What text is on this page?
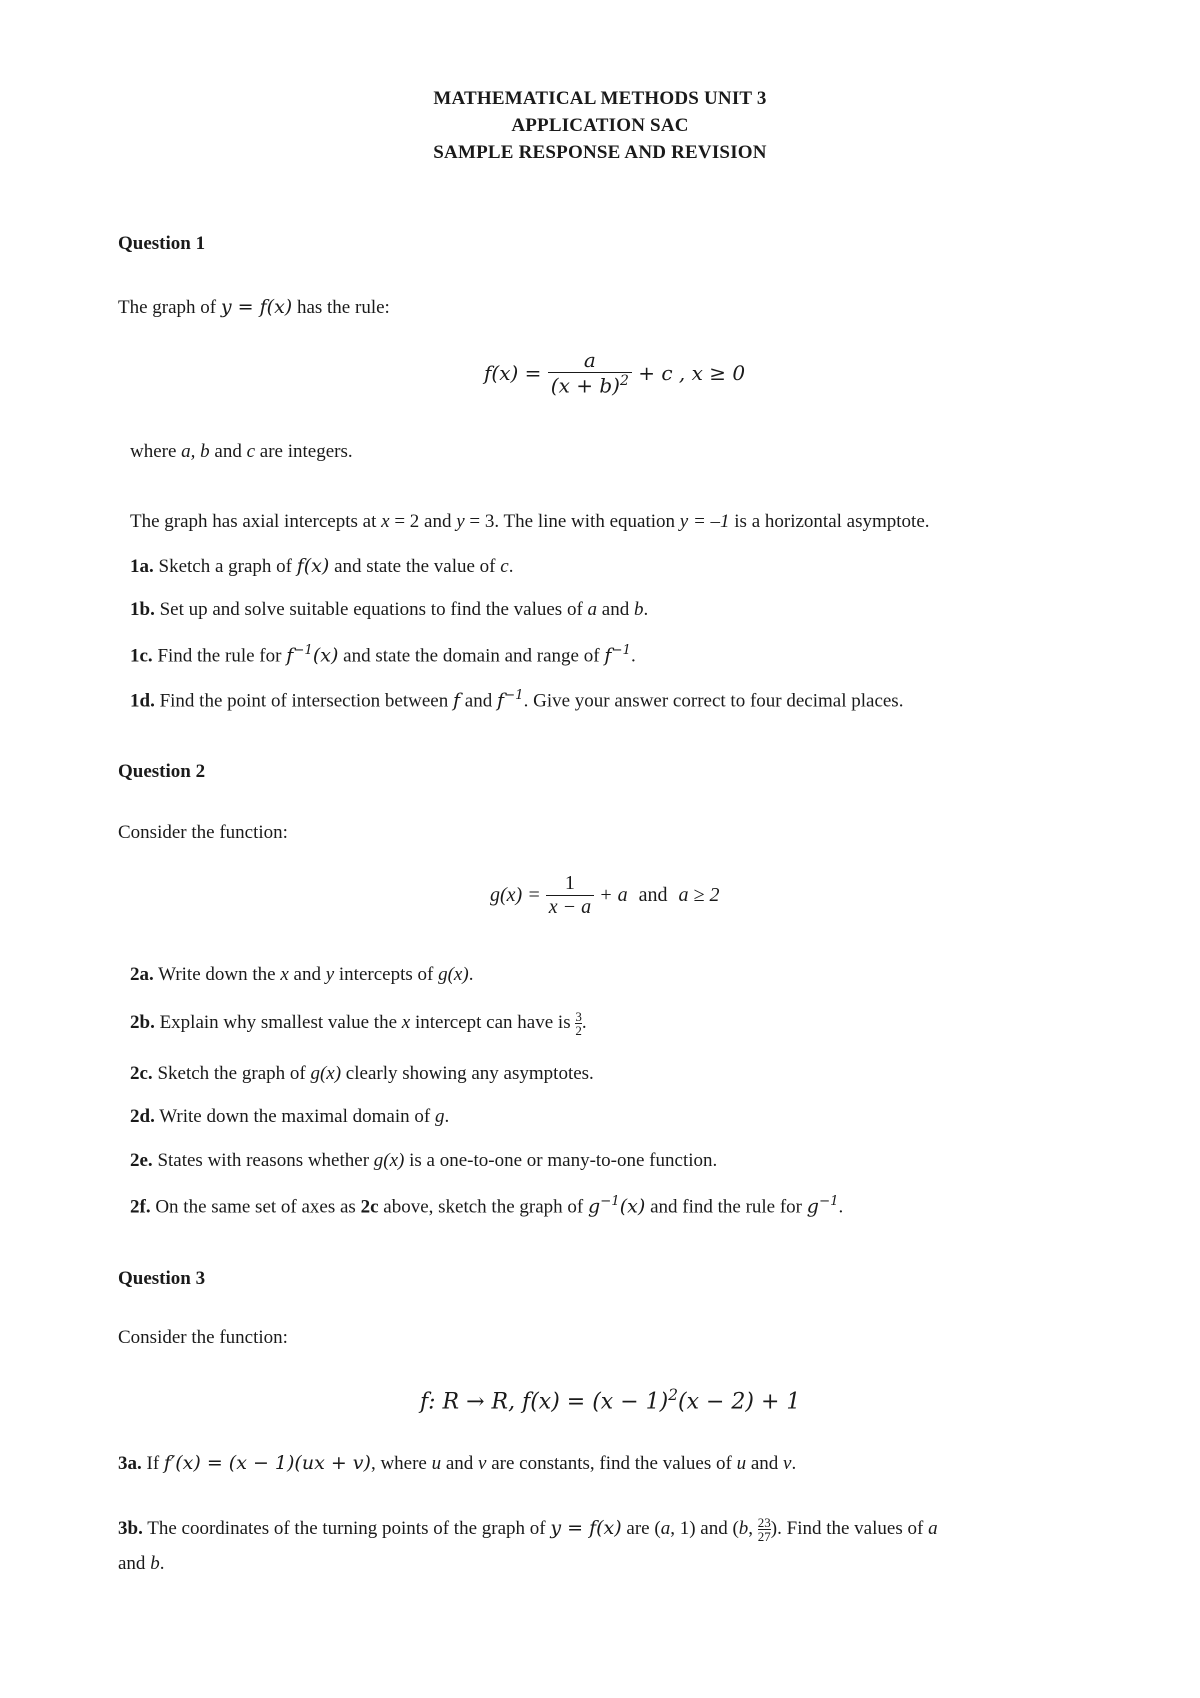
MATHEMATICAL METHODS UNIT 3
APPLICATION SAC
SAMPLE RESPONSE AND REVISION
Question 1
The graph of y = f(x) has the rule:
$f(x) = \frac{a}{(x + b)^2} + c$ , x ≥ 0
where a, b and c are integers.
The graph has axial intercepts at x = 2 and y = 3. The line with equation y = –1 is a horizontal asymptote.
1a. Sketch a graph of f(x) and state the value of c.
1b. Set up and solve suitable equations to find the values of a and b.
1c. Find the rule for $f^{-1}(x)$ and state the domain and range of $f^{-1}$.
1d. Find the point of intersection between f and $f^{-1}$. Give your answer correct to four decimal places.
Question 2
Consider the function:
$g(x) = \frac{1}{x - a} + a$ and a ≥ 2
2a. Write down the x and y intercepts of g(x).
2b. Explain why smallest value the x intercept can have is $\frac{3}{2}$ .
2c. Sketch the graph of g(x) clearly showing any asymptotes.
2d. Write down the maximal domain of g.
2e. States with reasons whether g(x) is a one-to-one or many-to-one function.
2f. On the same set of axes as 2c above, sketch the graph of $g^{-1}(x)$ and find the rule for $g^{-1}$.
Question 3
Consider the function:
f: R → R, $f(x) = (x - 1)^2(x - 2) + 1$
3a. If f′(x) = (x − 1)(ux + v), where u and v are constants, find the values of u and v.
3b. The coordinates of the turning points of the graph of y = f(x) are (a, 1) and (b, $\frac{23}{27}$ ). Find the values of a
and b.
